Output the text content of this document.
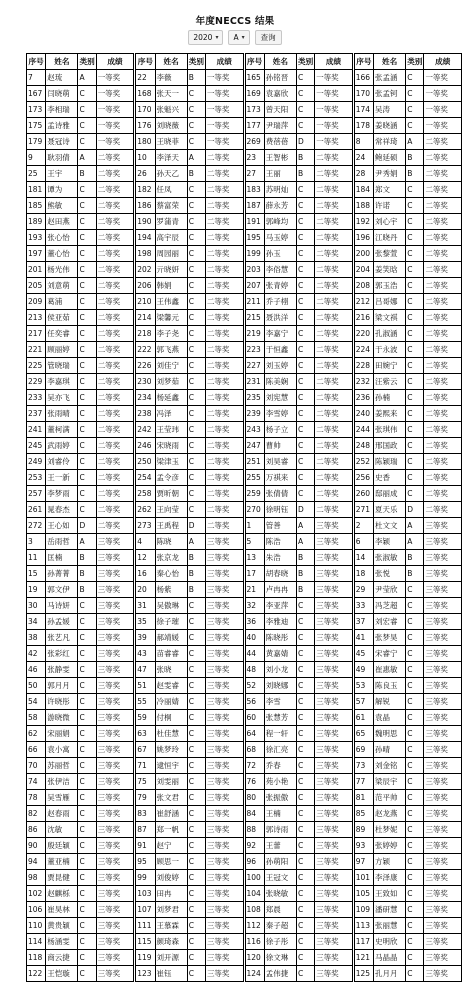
年度NECCS 结果
2020 ▾ A ▾	查询
序号	姓名	类别	成绩
7	赵琉	A	一等奖
167	闫晓萌	C	一等奖
173	李相瑞	C	一等奖
175	孟诗雅	C	一等奖
179	聂冠诗	C	一等奖
9	耿羽倩	A	二等奖
25	王宇	B	二等奖
181	谭为	C	二等奖
185	熊敏	C	二等奖
189	赵田燕	C	二等奖
193	张心怡	C	二等奖
197	董心怡	C	二等奖
201	杨光伟	C	二等奖
205	刘意萌	C	二等奖
209	葛浦	C	二等奖
213	侯亚茹	C	二等奖
217	任奕睿	C	二等奖
221	顾丽婷	C	二等奖
225	管晓瑞	C	二等奖
229	李嘉琪	C	二等奖
233	吴亦飞	C	二等奖
237	张雨晴	C	二等奖
241	董柯满	C	二等奖
245	武雨婷	C	二等奖
249	刘睿伶	C	二等奖
253	王一新	C	二等奖
257	李梦雨	C	二等奖
261	晁春杰	C	二等奖
272	王心如	D	二等奖
3	岳雨哲	A	三等奖
11	匡楠	B	三等奖
15	孙菁菁	B	三等奖
19	郭文伊	B	三等奖
30	马诗妍	C	三等奖
34	孙孟媛	C	三等奖
38	张艺凡	C	三等奖
42	张彩红	C	三等奖
46	张静雯	C	三等奖
50	郭月月	C	三等奖
54	许晓彤	C	三等奖
58	游晓微	C	三等奖
62	宋丽娟	C	三等奖
66	袁小寓	C	三等奖
70	苏丽哲	C	三等奖
74	张伊洁	C	三等奖
78	吴雪雁	C	三等奖
82	赵春雨	C	三等奖
86	沈敏	C	三等奖
90	殷廷颖	C	三等奖
94	董亚楠	C	三等奖
98	贾昆健	C	三等奖
102	赵麒栎	C	三等奖
106	崔昊林	C	三等奖
110	黄贵颖	C	三等奖
114	杨涵雯	C	三等奖
118	商云捷	C	三等奖
122	王恺璇	C	三等奖
序号	姓名	类别	成绩
22	李薇	B	一等奖
168	张天一	C	一等奖
170	张魁兴	C	一等奖
176	刘晓薇	C	一等奖
180	王晓菲	C	一等奖
10	李泽天	A	二等奖
26	孙天乙	B	二等奖
182	任凤	C	二等奖
186	蔡富荣	C	二等奖
190	罗蒲青	C	二等奖
194	高宇辰	C	二等奖
198	周园丽	C	二等奖
202	亓晓妍	C	二等奖
206	韩娟	C	二等奖
210	王伟鑫	C	二等奖
214	梁馨元	C	二等奖
218	李子尧	C	二等奖
222	郭飞燕	C	二等奖
226	刘佳宁	C	二等奖
230	刘梦茹	C	二等奖
234	杨延鑫	C	二等奖
238	冯泽	C	二等奖
242	王莹玮	C	二等奖
246	宋晓雨	C	二等奖
250	梁津玉	C	二等奖
254	孟令彦	C	二等奖
258	贾昕朝	C	二等奖
262	王向莹	C	二等奖
273	王禹程	D	二等奖
4	陈晓	A	三等奖
12	张京龙	B	三等奖
16	秦心怡	B	三等奖
20	杨紫	B	三等奖
31	吴傲琳	C	三等奖
35	徐子璀	C	三等奖
39	郝靖媛	C	三等奖
43	苗睿睿	C	三等奖
47	张晓	C	三等奖
51	赵雯睿	C	三等奖
55	冷丽婧	C	三等奖
59	付桐	C	三等奖
63	杜佳慧	C	三等奖
67	姚梦玲	C	三等奖
71	逮恒宇	C	三等奖
75	刘雯丽	C	三等奖
79	张文君	C	三等奖
83	崔舒涵	C	三等奖
87	郑一帆	C	三等奖
91	赵宁	C	三等奖
95	顾思一	C	三等奖
99	刘俊婷	C	三等奖
103	田冉	C	三等奖
107	刘梦君	C	三等奖
111	王慕霖	C	三等奖
115	颜琦森	C	三等奖
119	刘开源	C	三等奖
123	崔钰	C	三等奖
序号	姓名	类别	成绩
165	孙铭晋	C	一等奖
169	袁嘉欣	C	一等奖
173	曾天阳	C	一等奖
177	尹瑞萍	C	一等奖
269	费蓓蓓	D	一等奖
23	王智彬	B	二等奖
27	王丽	B	二等奖
183	苏明灿	C	二等奖
187	薛永芳	C	二等奖
191	郭峰均	C	二等奖
195	马玉婷	C	二等奖
199	孙玉	C	二等奖
203	李俗慧	C	二等奖
207	张青婷	C	二等奖
211	乔子栩	C	二等奖
215	聂洪洋	C	二等奖
219	李嘉宁	C	二等奖
223	于恒鑫	C	二等奖
227	刘玉婷	C	二等奖
231	陈美娴	C	二等奖
235	刘宪慧	C	二等奖
239	李雪婷	C	二等奖
243	杨子立	C	二等奖
247	曹帅	C	二等奖
251	刘昊睿	C	二等奖
255	万祺来	C	二等奖
259	张倩倩	C	二等奖
270	徐明钰	D	二等奖
1	管善	A	三等奖
5	陈浩	A	三等奖
13	朱浩	B	三等奖
17	胡春晓	B	三等奖
21	卢冉冉	B	三等奖
32	李亚萍	C	三等奖
36	李雅迪	C	三等奖
40	陈晓彤	C	三等奖
44	黄嘉婧	C	三等奖
48	刘小龙	C	三等奖
52	刘晓娜	C	三等奖
56	李雪	C	三等奖
60	张慧芳	C	三等奖
64	程一轩	C	三等奖
68	徐汇亮	C	三等奖
72	乔春	C	三等奖
76	苑小艳	C	三等奖
80	张振傲	C	三等奖
84	王楠	C	三等奖
88	郭诗雨	C	三等奖
92	王蕾	C	三等奖
96	孙萌阳	C	三等奖
100	王冠文	C	三等奖
104	张晓敏	C	三等奖
108	郑晨	C	三等奖
112	秦子超	C	三等奖
116	徐子彤	C	三等奖
120	徐文琳	C	三等奖
124	孟伟捷	C	三等奖
序号	姓名	类别	成绩
166	张孟涵	C	一等奖
170	张孟钶	C	一等奖
174	吴涛	C	一等奖
178	姜晓涵	C	一等奖
8	常祥琦	A	二等奖
24	鲍延硕	B	二等奖
28	尹秀娟	B	二等奖
184	郑文	C	二等奖
188	许诺	C	二等奖
192	刘心宇	C	二等奖
196	江晓丹	C	二等奖
200	张黎萱	C	二等奖
204	姜笑晗	C	二等奖
208	郭玉浩	C	二等奖
212	吕哥娜	C	二等奖
216	梁文祺	C	二等奖
220	孔淑涵	C	二等奖
224	于永波	C	二等奖
228	田婉宁	C	二等奖
232	汪紫云	C	二等奖
236	孙楠	C	二等奖
240	姜熙来	C	二等奖
244	张琪伟	C	二等奖
248	邢国政	C	二等奖
252	陈颖瑞	C	二等奖
256	史香	C	二等奖
260	邸丽成	C	二等奖
271	夏天乐	D	二等奖
2	杜文文	A	三等奖
6	李颖	A	三等奖
14	张淑敏	B	三等奖
18	张悦	B	三等奖
29	尹莹欣	C	三等奖
33	冯芝超	C	三等奖
37	刘宏睿	C	三等奖
41	张梦昊	C	三等奖
45	宋睿宁	C	三等奖
49	崔惠敏	C	三等奖
53	陈良玉	C	三等奖
57	解锐	C	三等奖
61	袁晶	C	三等奖
65	魏明思	C	三等奖
69	孙晴	C	三等奖
73	刘金铭	C	三等奖
77	梁辰宇	C	三等奖
81	范平帅	C	三等奖
85	赵龙燕	C	三等奖
89	杜梦妮	C	三等奖
93	张婷婷	C	三等奖
97	方颖	C	三等奖
101	李泽康	C	三等奖
105	王致如	C	三等奖
109	潘研慧	C	三等奖
113	张丽慧	C	三等奖
117	史明欣	C	三等奖
121	马晶晶	C	三等奖
125	孔月月	C	三等奖
